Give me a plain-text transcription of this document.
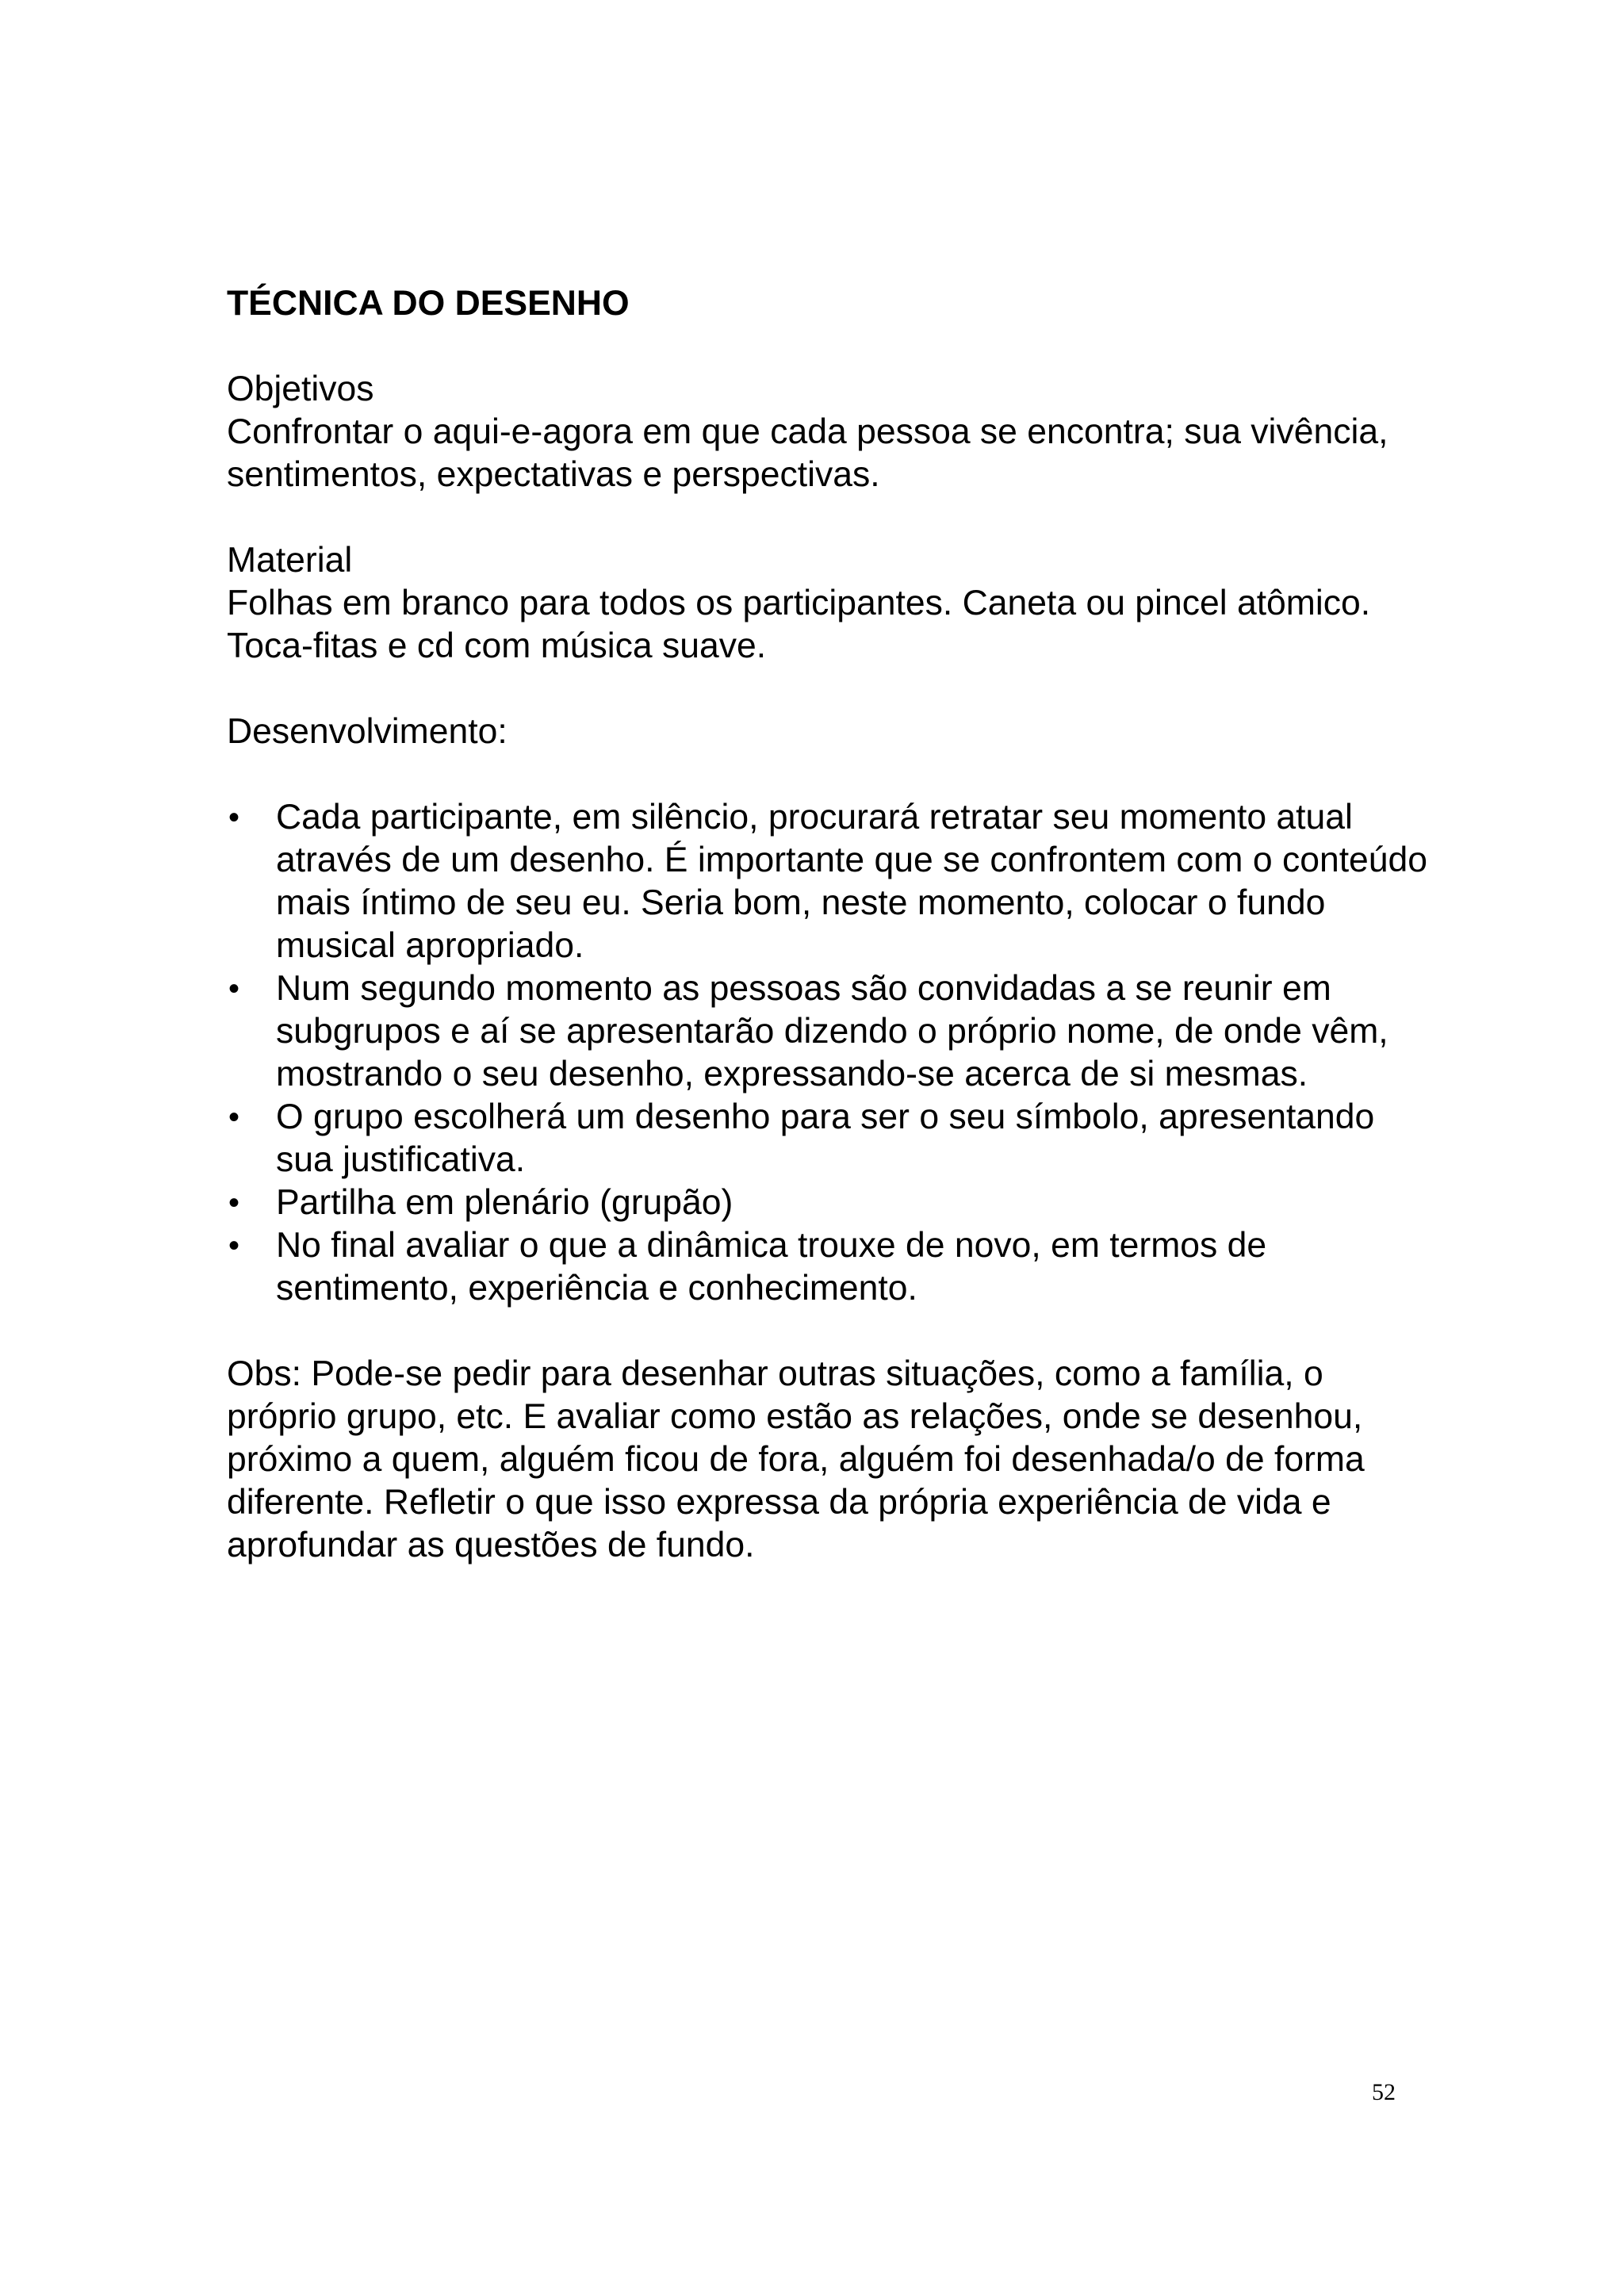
TÉCNICA DO DESENHO
Objetivos
Confrontar o aqui-e-agora em que cada pessoa se encontra; sua vivência, sentimentos, expectativas e perspectivas.
Material
Folhas em branco para todos os participantes. Caneta ou pincel atômico. Toca-fitas e cd com música suave.
Desenvolvimento:
• Cada participante, em silêncio, procurará retratar seu momento atual através de um desenho. É importante que se confrontem com o conteúdo mais íntimo de seu eu. Seria bom, neste momento, colocar o fundo musical apropriado.
• Num segundo momento as pessoas são convidadas a se reunir em subgrupos e aí se apresentarão dizendo o próprio nome, de onde vêm, mostrando o seu desenho, expressando-se acerca de si mesmas.
• O grupo escolherá um desenho para ser o seu símbolo, apresentando sua justificativa.
• Partilha em plenário (grupão)
• No final avaliar o que a dinâmica trouxe de novo, em termos de sentimento, experiência e conhecimento.
Obs: Pode-se pedir para desenhar outras situações, como a família, o próprio grupo, etc. E avaliar como estão as relações, onde se desenhou, próximo a quem, alguém ficou de fora, alguém foi desenhada/o de forma diferente. Refletir o que isso expressa da própria experiência de vida e aprofundar as questões de fundo.
52
